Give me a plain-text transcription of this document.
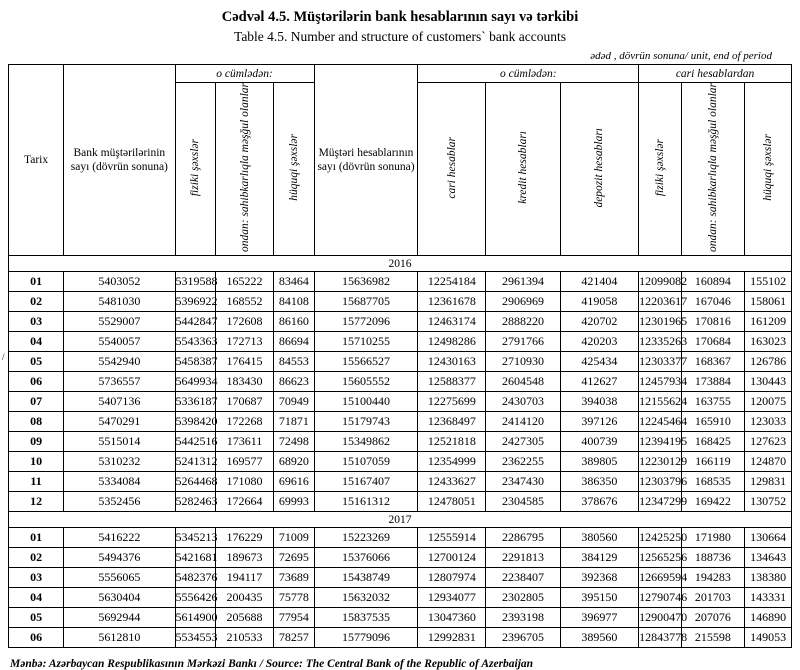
Cədvəl 4.5. Müştərilərin bank hesablarının sayı və tərkibi
Table 4.5. Number and structure of customers` bank accounts
ədəd , dövrün sonuna/ unit, end of period
/
Tarix	Bank müştərilərinin sayı (dövrün sonuna)	o cümlədən:			Müştəri hesablarının sayı (dövrün sonuna)	o cümlədən:			cari hesablardan		
		fiziki şəxslər	ondan: sahibkarlıqla məşğul olanlar	hüquqi şəxslər		cari hesablar	kredit hesabları	depozit hesabları	fiziki şəxslər	ondan: sahibkarlıqla məşğul olanlar	hüquqi şəxslər
2016											
01	5403052	5319588	165222	83464	15636982	12254184	2961394	421404	12099082	160894	155102
02	5481030	5396922	168552	84108	15687705	12361678	2906969	419058	12203617	167046	158061
03	5529007	5442847	172608	86160	15772096	12463174	2888220	420702	12301965	170816	161209
04	5540057	5543363	172713	86694	15710255	12498286	2791766	420203	12335263	170684	163023
05	5542940	5458387	176415	84553	15566527	12430163	2710930	425434	12303377	168367	126786
06	5736557	5649934	183430	86623	15605552	12588377	2604548	412627	12457934	173884	130443
07	5407136	5336187	170687	70949	15100440	12275699	2430703	394038	12155624	163755	120075
08	5470291	5398420	172268	71871	15179743	12368497	2414120	397126	12245464	165910	123033
09	5515014	5442516	173611	72498	15349862	12521818	2427305	400739	12394195	168425	127623
10	5310232	5241312	169577	68920	15107059	12354999	2362255	389805	12230129	166119	124870
11	5334084	5264468	171080	69616	15167407	12433627	2347430	386350	12303796	168535	129831
12	5352456	5282463	172664	69993	15161312	12478051	2304585	378676	12347299	169422	130752
2017											
01	5416222	5345213	176229	71009	15223269	12555914	2286795	380560	12425250	171980	130664
02	5494376	5421681	189673	72695	15376066	12700124	2291813	384129	12565256	188736	134643
03	5556065	5482376	194117	73689	15438749	12807974	2238407	392368	12669594	194283	138380
04	5630404	5556426	200435	75778	15632032	12934077	2302805	395150	12790746	201703	143331
05	5692944	5614900	205688	77954	15837535	13047360	2393198	396977	12900470	207076	146890
06	5612810	5534553	210533	78257	15779096	12992831	2396705	389560	12843778	215598	149053
Mənbə: Azərbaycan Respublikasının Mərkəzi Bankı / Source: The Central Bank of the Republic of Azerbaijan
